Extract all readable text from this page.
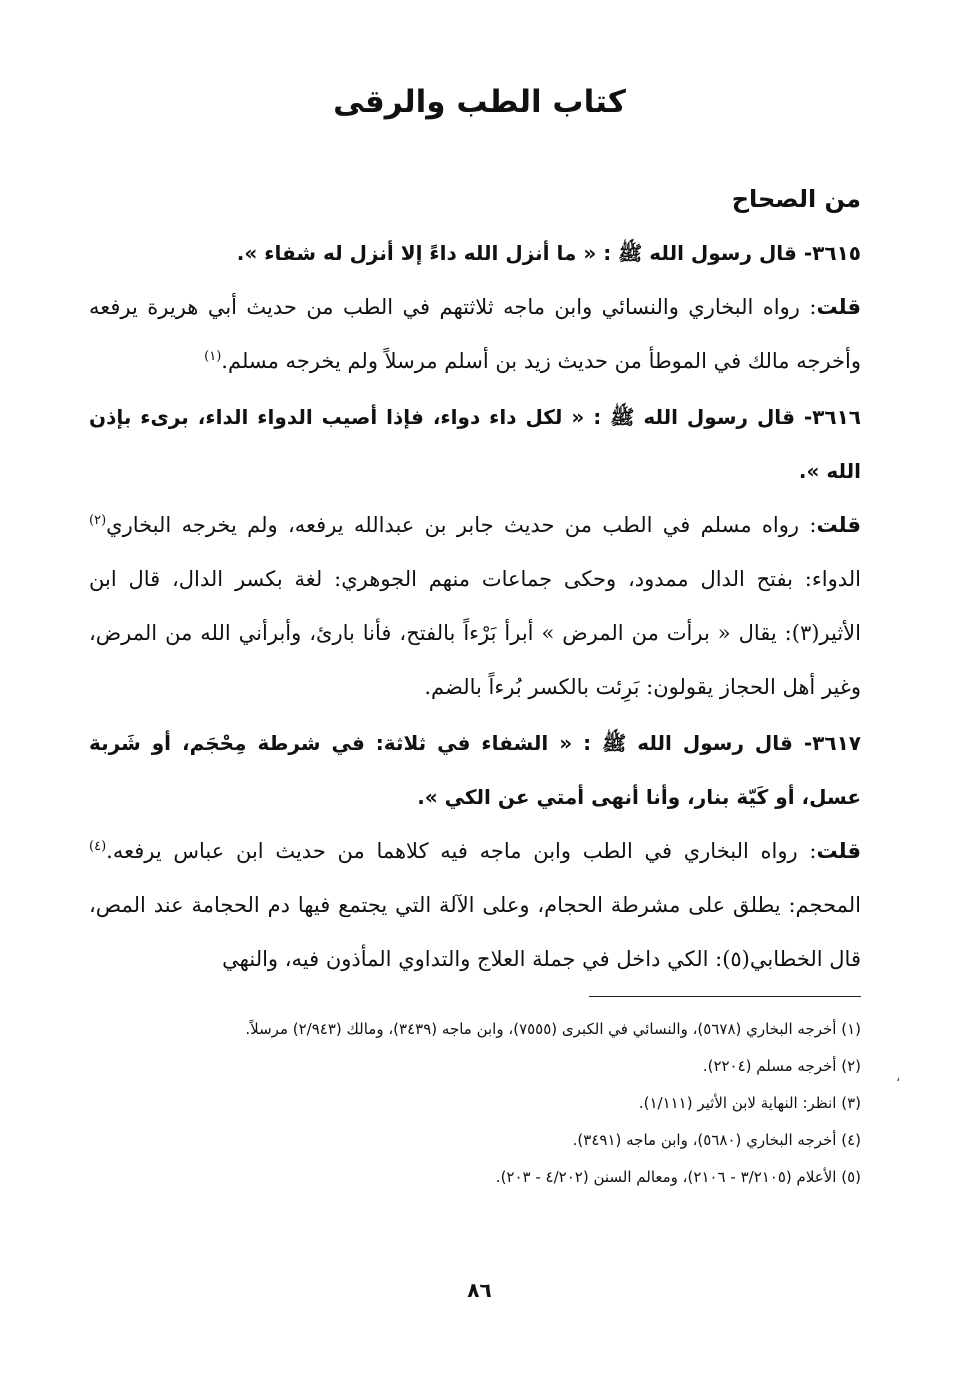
كتاب الطب والرقى
من الصحاح

٣٦١٥- قال رسول الله ﷺ : « ما أنزل الله داءً إلا أنزل له شفاء ».

قلت: رواه البخاري والنسائي وابن ماجه ثلاثتهم في الطب من حديث أبي هريرة يرفعه وأخرجه مالك في الموطأ من حديث زيد بن أسلم مرسلاً ولم يخرجه مسلم.$^{(١)}$

٣٦١٦- قال رسول الله ﷺ : « لكل داء دواء، فإذا أصيب الدواء الداء، برىء بإذن الله ».

قلت: رواه مسلم في الطب من حديث جابر بن عبدالله يرفعه، ولم يخرجه البخاري$^{(٢)}$ الدواء: بفتح الدال ممدود، وحكى جماعات منهم الجوهري: لغة بكسر الدال، قال ابن الأثير(٣): يقال « برأت من المرض » أبرأ بَرْءاً بالفتح، فأنا بارئ، وأبرأني الله من المرض، وغير أهل الحجاز يقولون: بَرِئت بالكسر بُرءاً بالضم.

٣٦١٧- قال رسول الله ﷺ : « الشفاء في ثلاثة: في شرطة مِحْجَم، أو شَربة عسل، أو كَيّة بنار، وأنا أنهى أمتي عن الكي ».

قلت: رواه البخاري في الطب وابن ماجه فيه كلاهما من حديث ابن عباس يرفعه.$^{(٤)}$ المحجم: يطلق على مشرطة الحجام، وعلى الآلة التي يجتمع فيها دم الحجامة عند المص، قال الخطابي(٥): الكي داخل في جملة العلاج والتداوي المأذون فيه، والنهي

(١) أخرجه البخاري (٥٦٧٨)، والنسائي في الكبرى (٧٥٥٥)، وابن ماجه (٣٤٣٩)، ومالك (٢/٩٤٣) مرسلاً.

(٢) أخرجه مسلم (٢٢٠٤).

(٣) انظر: النهاية لابن الأثير (١/١١١).

(٤) أخرجه البخاري (٥٦٨٠)، وابن ماجه (٣٤٩١).

(٥) الأعلام (٣/٢١٠٥ - ٢١٠٦)، ومعالم السنن (٤/٢٠٢ - ٢٠٣).

،
٨٦
